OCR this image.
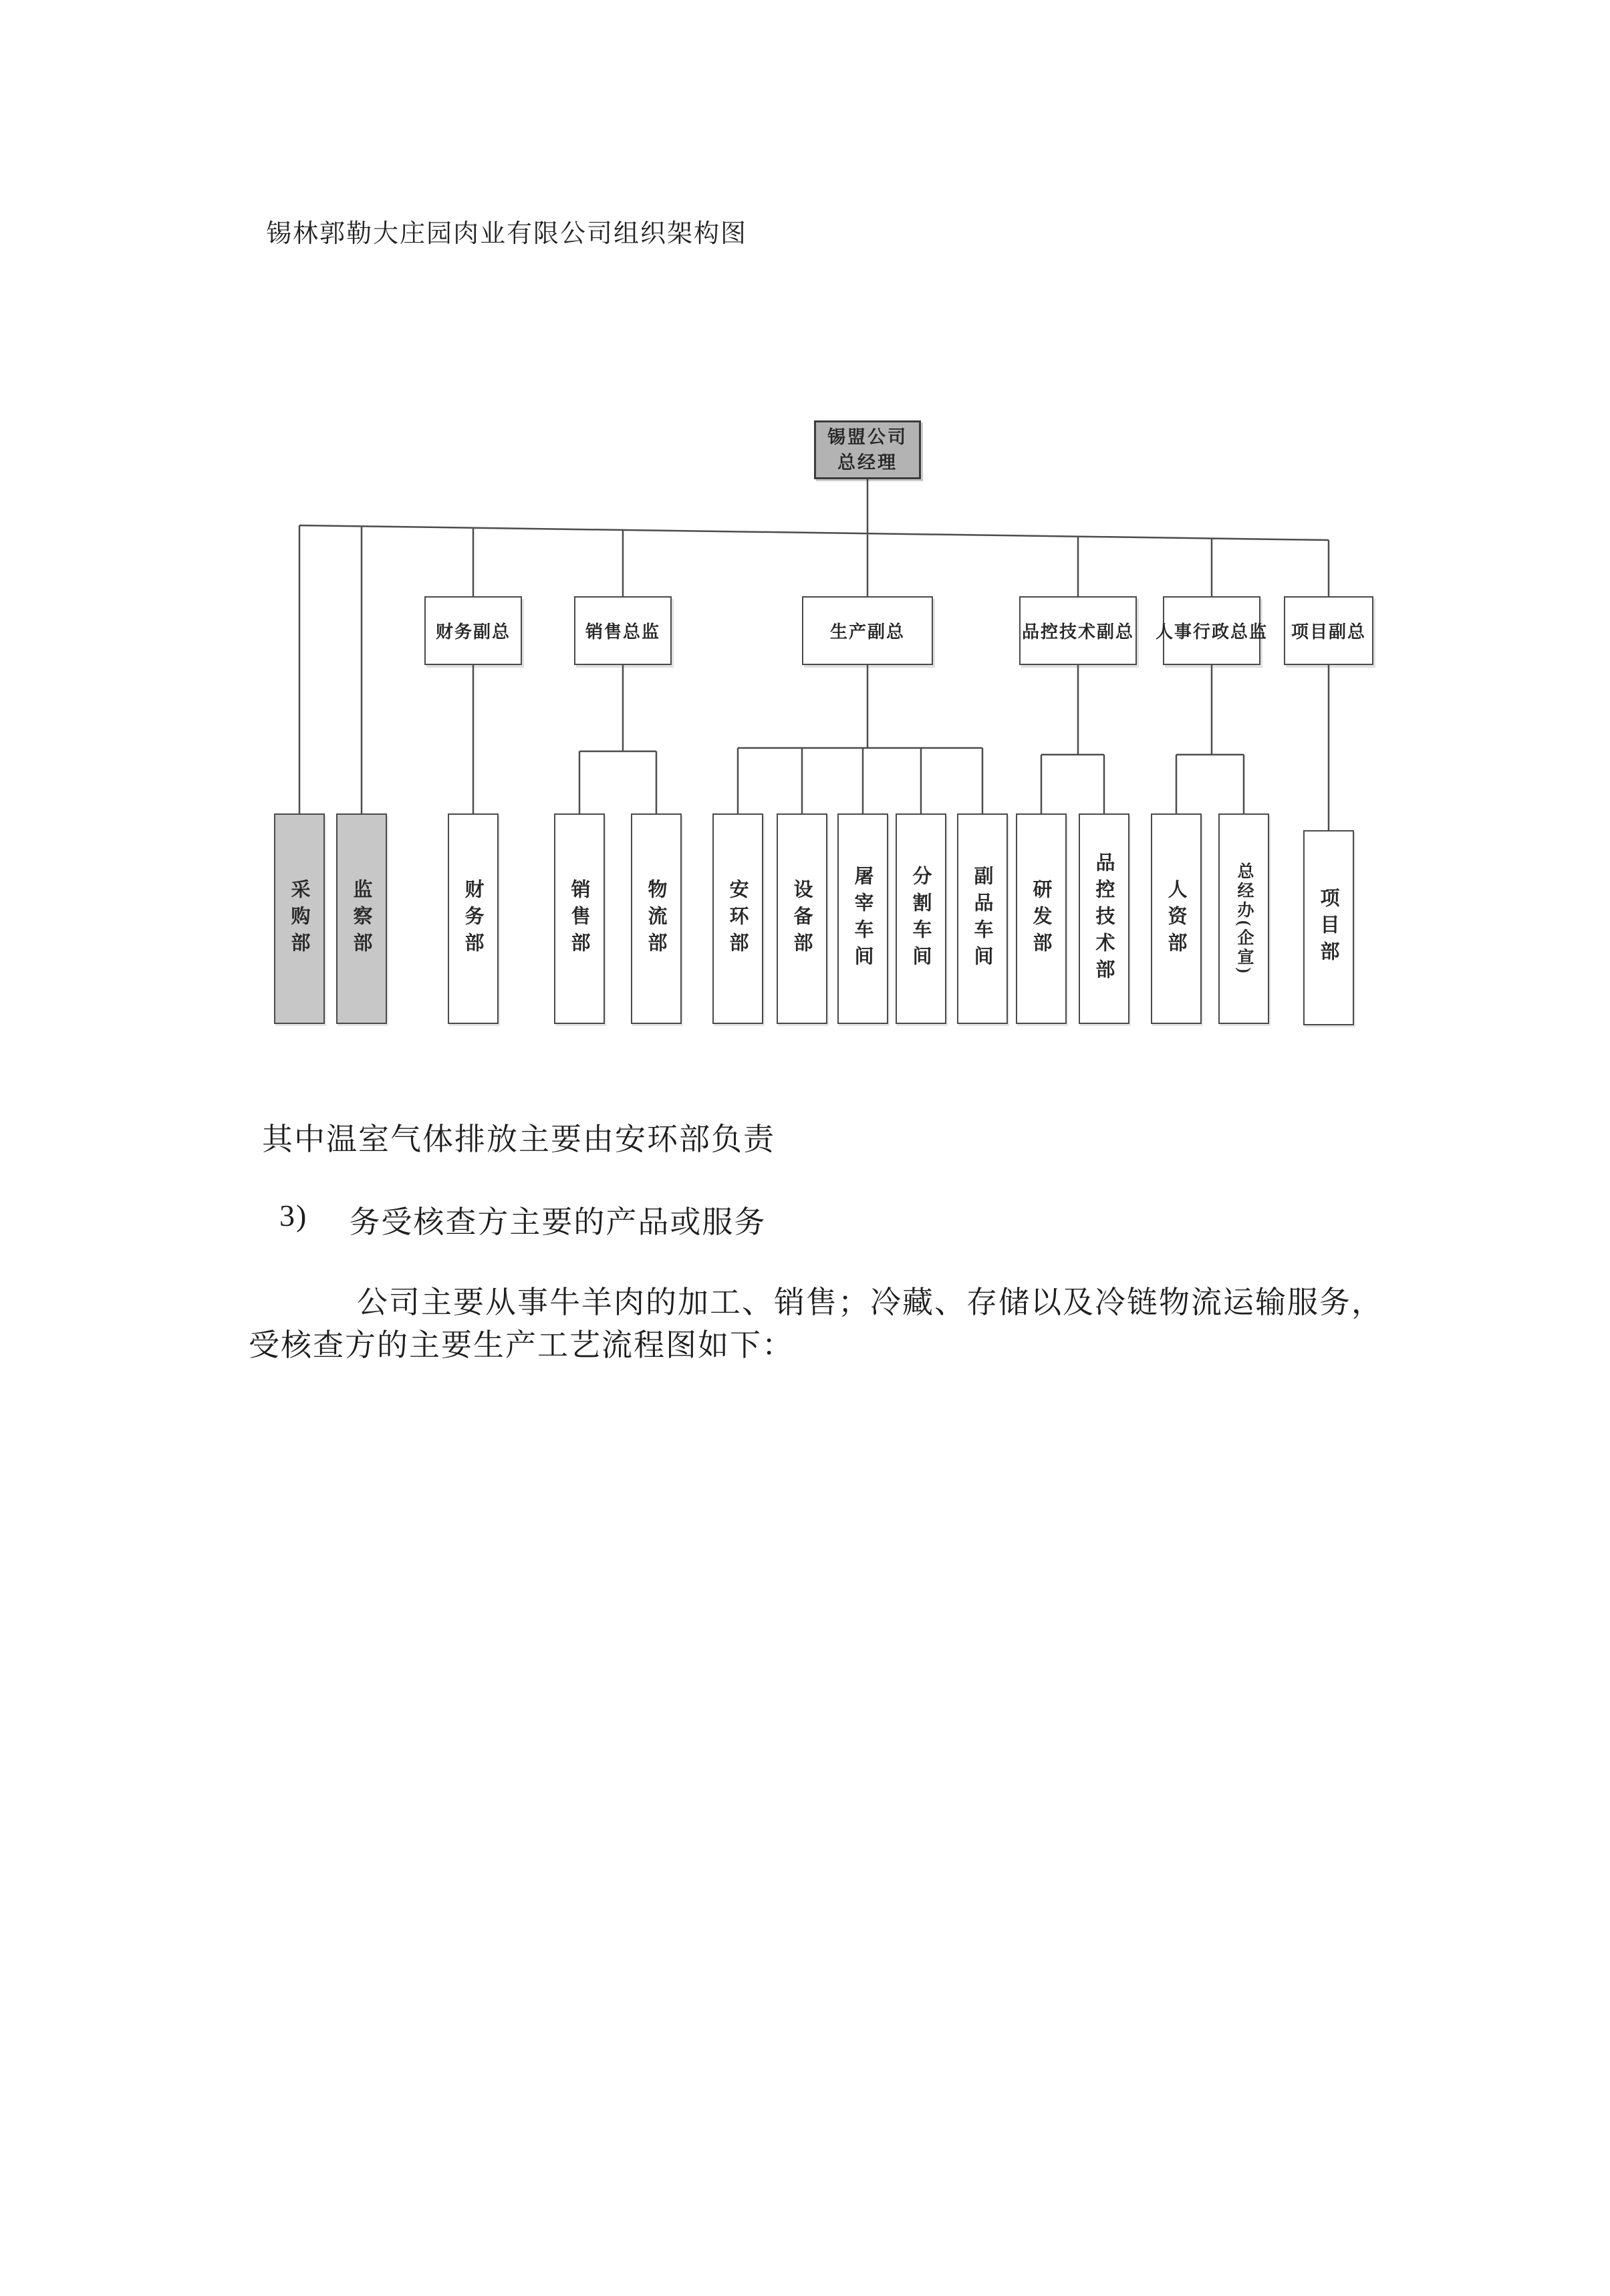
锡林郭勒大庄园肉业有限公司组织架构图
锡盟公司
总经理
财务副总	销售总监	生产副总	品控技术副总 人事行政总监	项目副总
采购部	监察部	财务部	销售部	物流部	安环部	设备部	屠宰车间	分割车间	副品车间	研发部	品控技术部	人资部	总经办(企宣)	项目部
其中温室气体排放主要由安环部负责
3) 务受核查方主要的产品或服务
公司主要从事牛羊肉的加工、销售；冷藏、存储以及冷链物流运输服务，
受核查方的主要生产工艺流程图如下：
